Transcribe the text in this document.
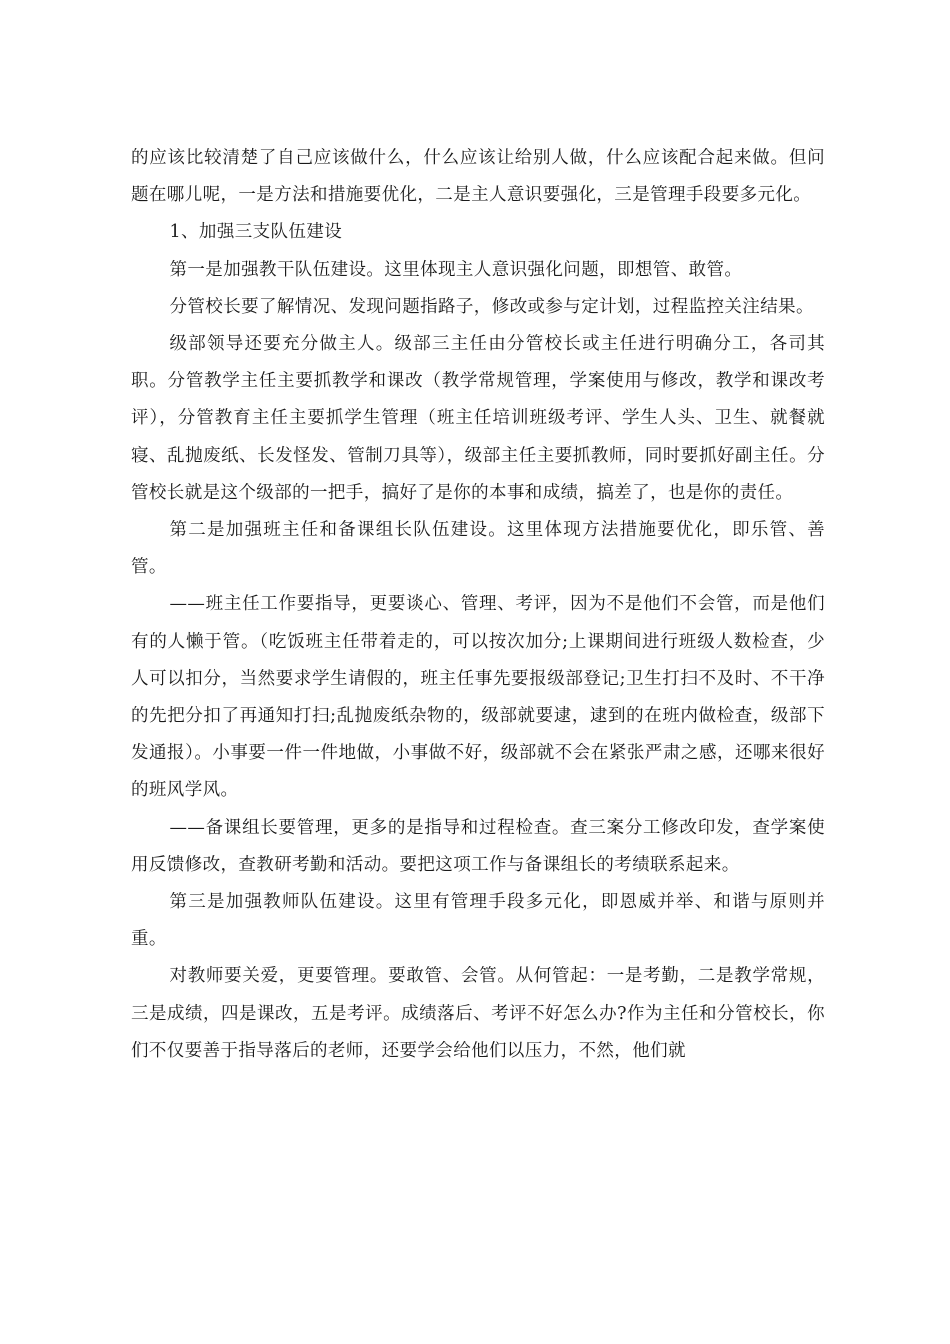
的应该比较清楚了自己应该做什么，什么应该让给别人做，什么应该配合起来做。但问题在哪儿呢，一是方法和措施要优化，二是主人意识要强化，三是管理手段要多元化。

1、加强三支队伍建设

第一是加强教干队伍建设。这里体现主人意识强化问题，即想管、敢管。

分管校长要了解情况、发现问题指路子，修改或参与定计划，过程监控关注结果。

级部领导还要充分做主人。级部三主任由分管校长或主任进行明确分工，各司其职。分管教学主任主要抓教学和课改（教学常规管理，学案使用与修改，教学和课改考评），分管教育主任主要抓学生管理（班主任培训班级考评、学生人头、卫生、就餐就寝、乱抛废纸、长发怪发、管制刀具等），级部主任主要抓教师，同时要抓好副主任。分管校长就是这个级部的一把手，搞好了是你的本事和成绩，搞差了，也是你的责任。

第二是加强班主任和备课组长队伍建设。这里体现方法措施要优化，即乐管、善管。

——班主任工作要指导，更要谈心、管理、考评，因为不是他们不会管，而是他们有的人懒于管。（吃饭班主任带着走的，可以按次加分;上课期间进行班级人数检查，少人可以扣分，当然要求学生请假的，班主任事先要报级部登记;卫生打扫不及时、不干净的先把分扣了再通知打扫;乱抛废纸杂物的，级部就要逮，逮到的在班内做检查，级部下发通报）。小事要一件一件地做，小事做不好，级部就不会在紧张严肃之感，还哪来很好的班风学风。

——备课组长要管理，更多的是指导和过程检查。查三案分工修改印发，查学案使用反馈修改，查教研考勤和活动。要把这项工作与备课组长的考绩联系起来。

第三是加强教师队伍建设。这里有管理手段多元化，即恩威并举、和谐与原则并重。

对教师要关爱，更要管理。要敢管、会管。从何管起：一是考勤，二是教学常规，三是成绩，四是课改，五是考评。成绩落后、考评不好怎么办?作为主任和分管校长，你们不仅要善于指导落后的老师，还要学会给他们以压力，不然，他们就
